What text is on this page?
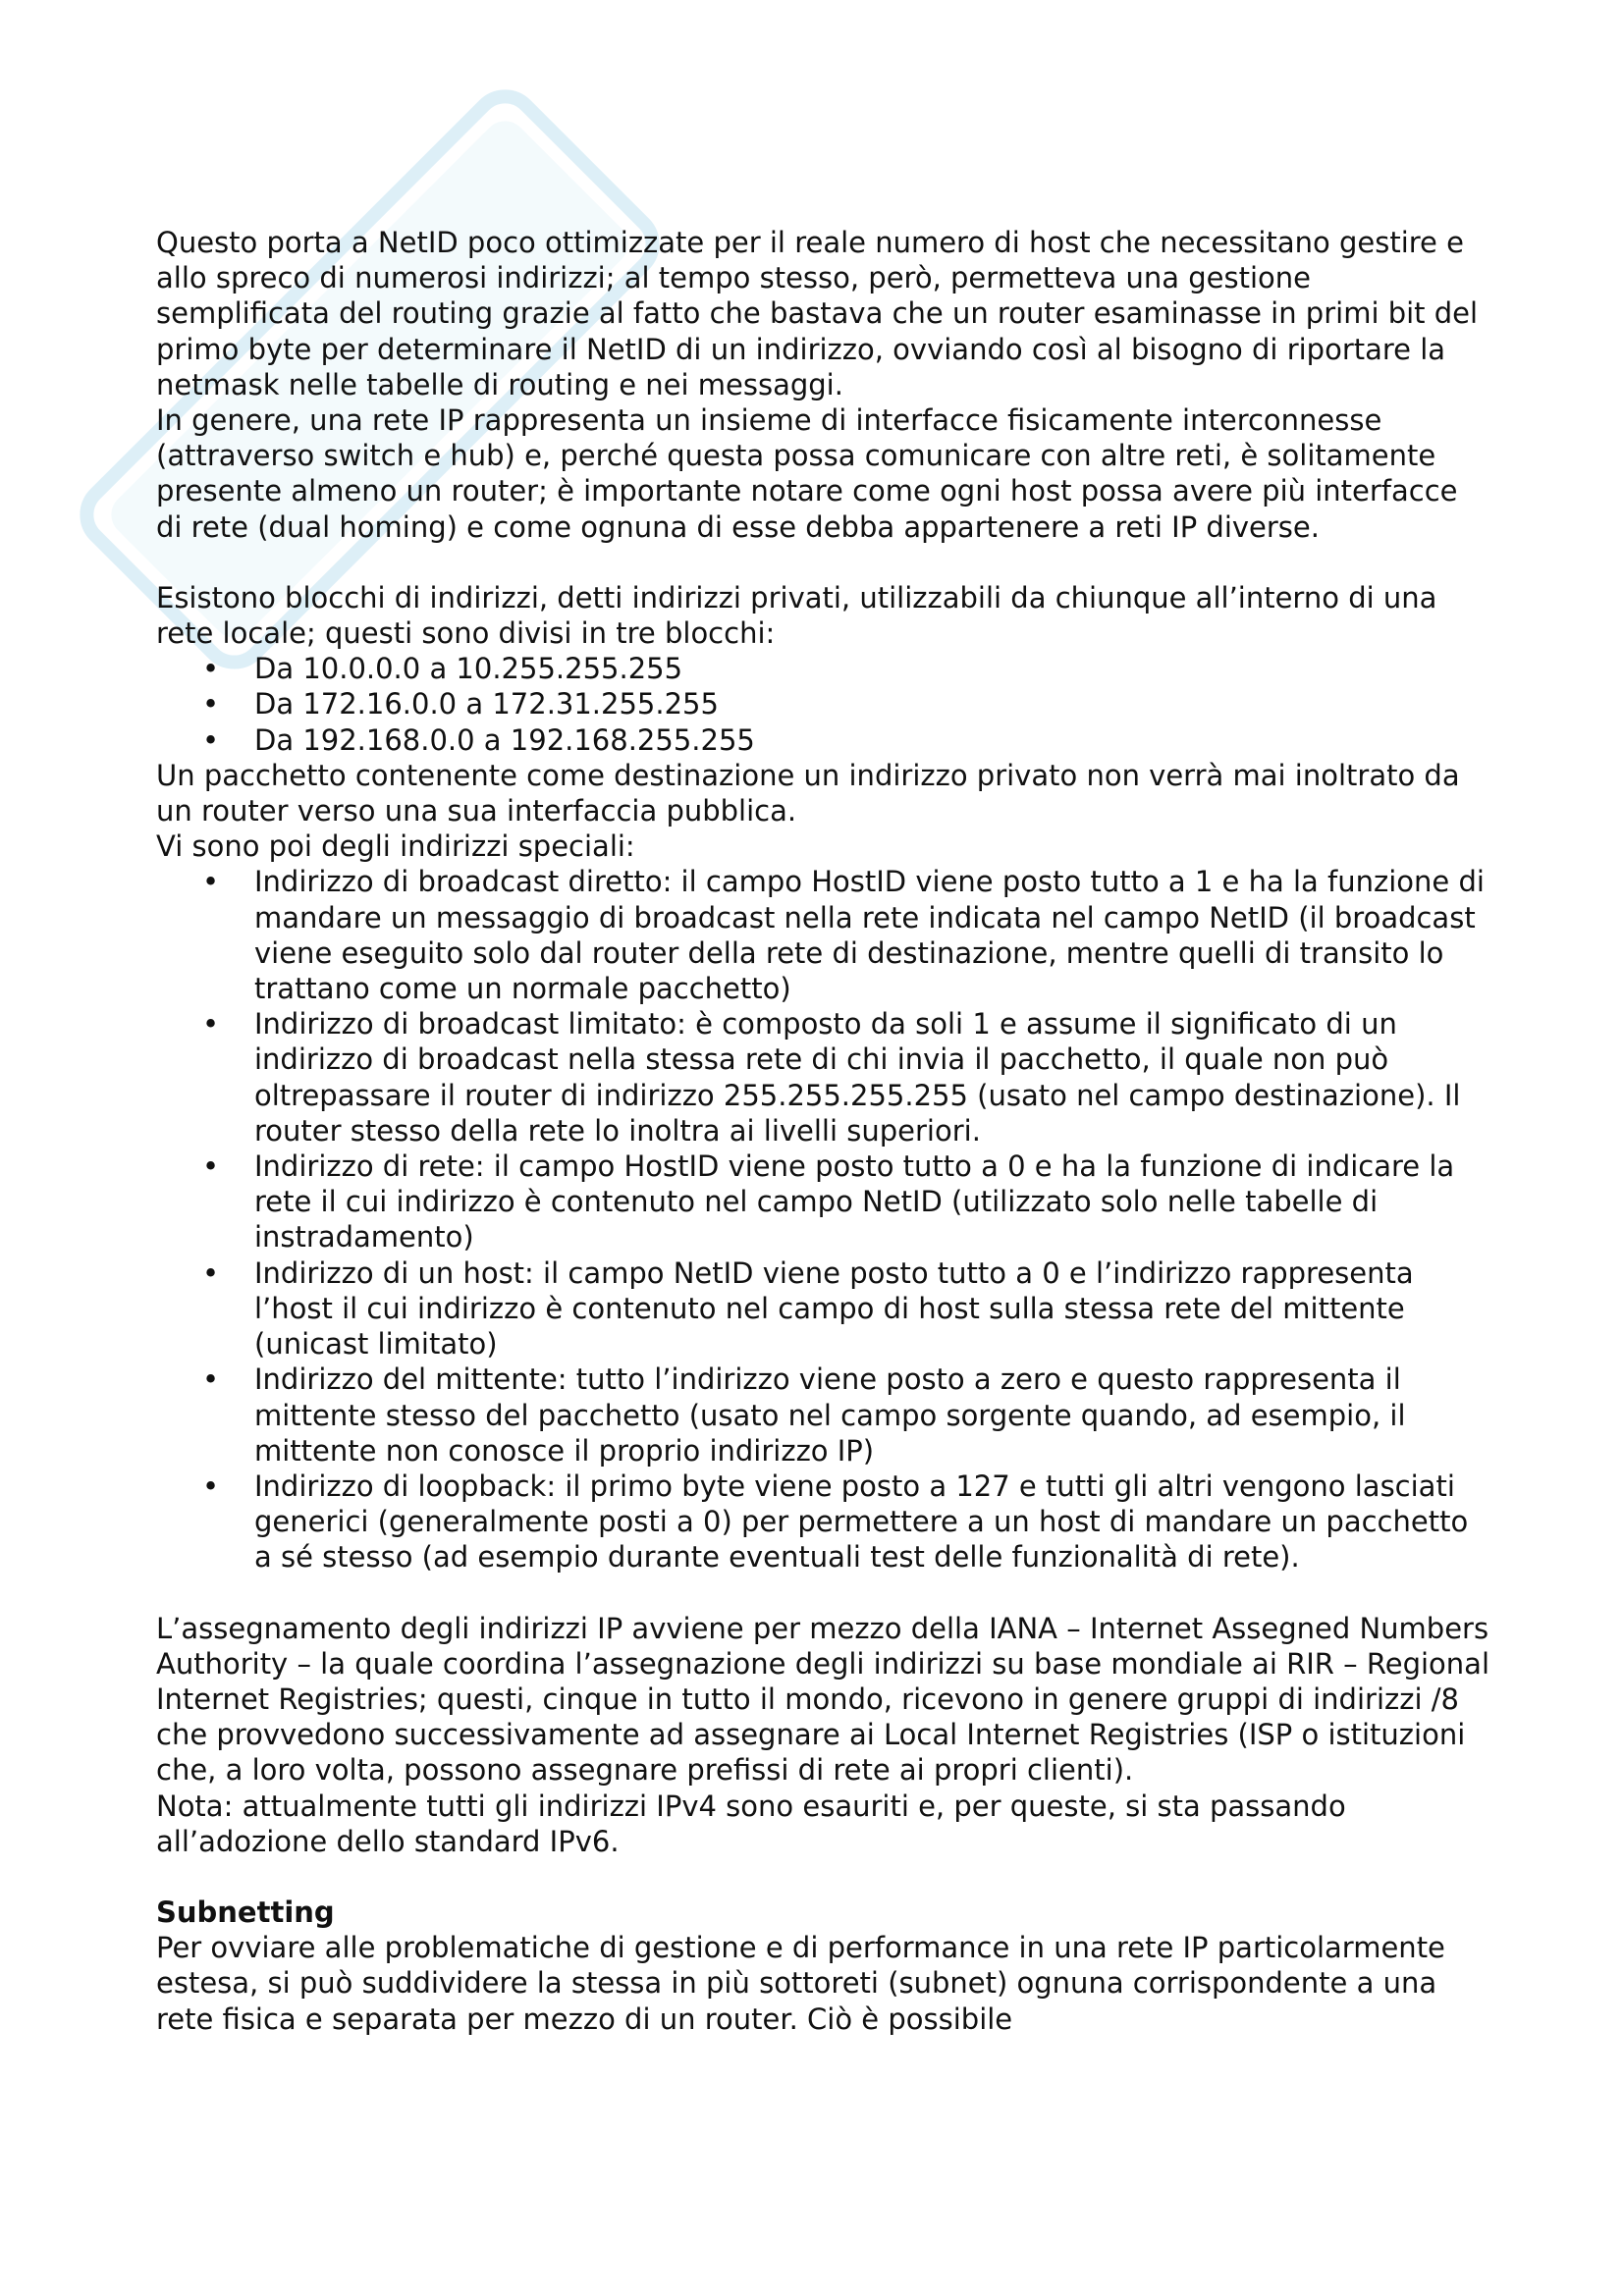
Questo porta a NetID poco ottimizzate per il reale numero di host che necessitano gestire e allo spreco di numerosi indirizzi; al tempo stesso, però, permetteva una gestione semplificata del routing grazie al fatto che bastava che un router esaminasse in primi bit del primo byte per determinare il NetID di un indirizzo, ovviando così al bisogno di riportare la netmask nelle tabelle di routing e nei messaggi.

In genere, una rete IP rappresenta un insieme di interfacce fisicamente interconnesse (attraverso switch e hub) e, perché questa possa comunicare con altre reti, è solitamente presente almeno un router; è importante notare come ogni host possa avere più interfacce di rete (dual homing) e come ognuna di esse debba appartenere a reti IP diverse.

Esistono blocchi di indirizzi, detti indirizzi privati, utilizzabili da chiunque all’interno di una rete locale; questi sono divisi in tre blocchi:

• Da 10.0.0.0 a 10.255.255.255
• Da 172.16.0.0 a 172.31.255.255
• Da 192.168.0.0 a 192.168.255.255

Un pacchetto contenente come destinazione un indirizzo privato non verrà mai inoltrato da un router verso una sua interfaccia pubblica.

Vi sono poi degli indirizzi speciali:

• Indirizzo di broadcast diretto: il campo HostID viene posto tutto a 1 e ha la funzione di mandare un messaggio di broadcast nella rete indicata nel campo NetID (il broadcast viene eseguito solo dal router della rete di destinazione, mentre quelli di transito lo trattano come un normale pacchetto)
• Indirizzo di broadcast limitato: è composto da soli 1 e assume il significato di un indirizzo di broadcast nella stessa rete di chi invia il pacchetto, il quale non può oltrepassare il router di indirizzo 255.255.255.255 (usato nel campo destinazione). Il router stesso della rete lo inoltra ai livelli superiori.
• Indirizzo di rete: il campo HostID viene posto tutto a 0 e ha la funzione di indicare la rete il cui indirizzo è contenuto nel campo NetID (utilizzato solo nelle tabelle di instradamento)
• Indirizzo di un host: il campo NetID viene posto tutto a 0 e l’indirizzo rappresenta l’host il cui indirizzo è contenuto nel campo di host sulla stessa rete del mittente (unicast limitato)
• Indirizzo del mittente: tutto l’indirizzo viene posto a zero e questo rappresenta il mittente stesso del pacchetto (usato nel campo sorgente quando, ad esempio, il mittente non conosce il proprio indirizzo IP)
• Indirizzo di loopback: il primo byte viene posto a 127 e tutti gli altri vengono lasciati generici (generalmente posti a 0) per permettere a un host di mandare un pacchetto a sé stesso (ad esempio durante eventuali test delle funzionalità di rete).

L’assegnamento degli indirizzi IP avviene per mezzo della IANA – Internet Assegned Numbers Authority – la quale coordina l’assegnazione degli indirizzi su base mondiale ai RIR – Regional Internet Registries; questi, cinque in tutto il mondo, ricevono in genere gruppi di indirizzi /8 che provvedono successivamente ad assegnare ai Local Internet Registries (ISP o istituzioni che, a loro volta, possono assegnare prefissi di rete ai propri clienti).

Nota: attualmente tutti gli indirizzi IPv4 sono esauriti e, per queste, si sta passando all’adozione dello standard IPv6.

Subnetting

Per ovviare alle problematiche di gestione e di performance in una rete IP particolarmente estesa, si può suddividere la stessa in più sottoreti (subnet) ognuna corrispondente a una rete fisica e separata per mezzo di un router. Ciò è possibile
